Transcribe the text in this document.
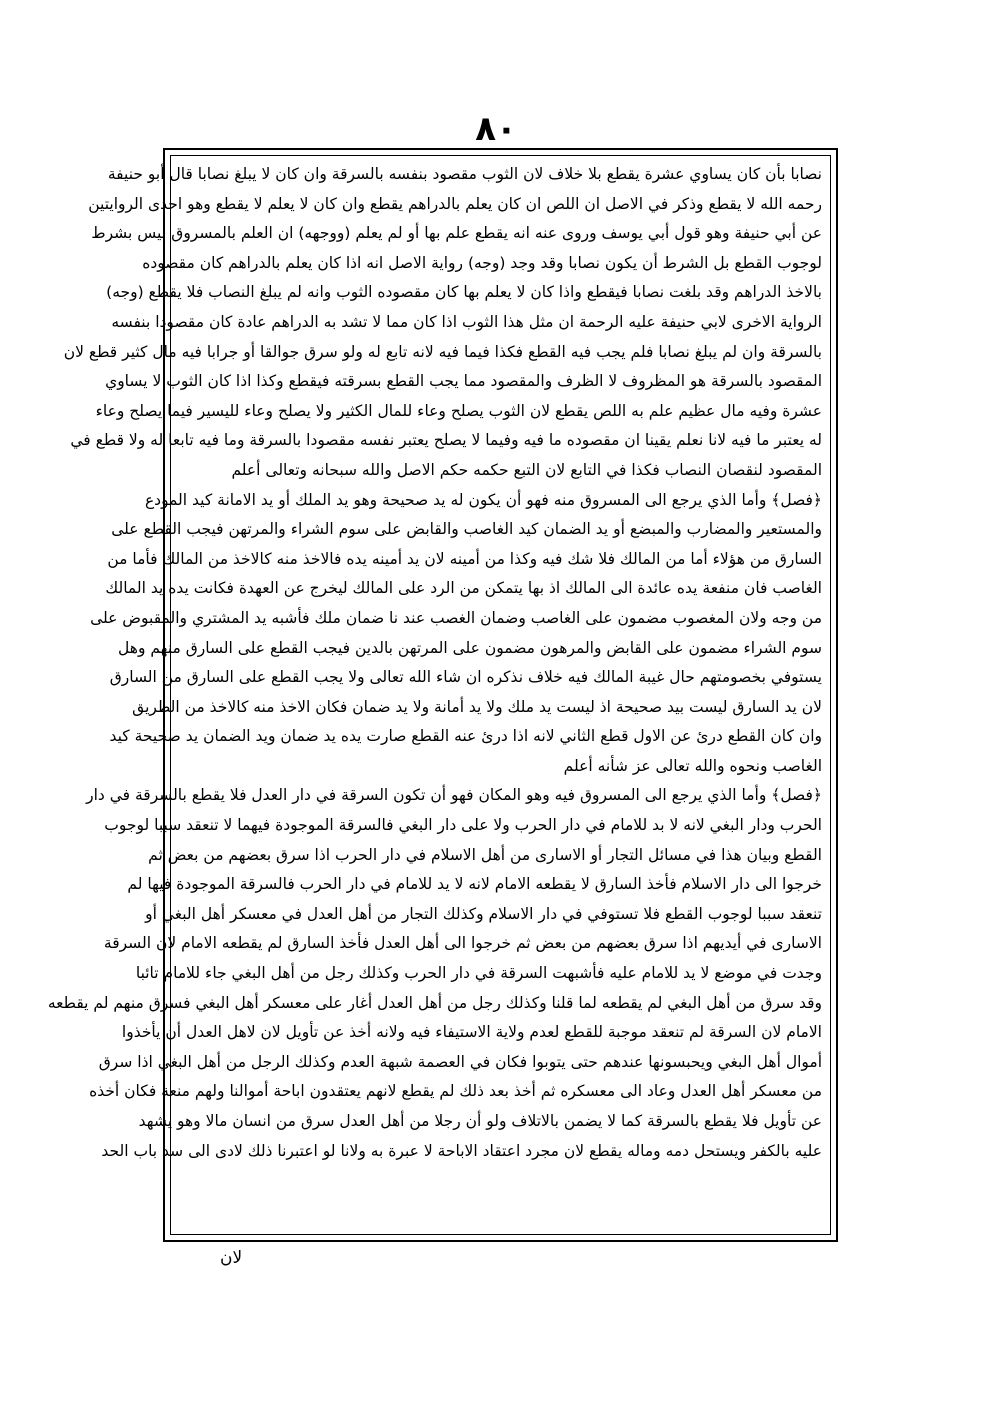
٨٠
نصابا بأن كان يساوي عشرة يقطع بلا خلاف لان الثوب مقصود بنفسه بالسرقة وان كان لا يبلغ نصابا قال أبو حنيفة
رحمه الله لا يقطع وذكر في الاصل ان اللص ان كان يعلم بالدراهم يقطع وان كان لا يعلم لا يقطع وهو احدى الروايتين
عن أبي حنيفة وهو قول أبي يوسف وروى عنه انه يقطع علم بها أو لم يعلم (ووجهه) ان العلم بالمسروق ليس بشرط
لوجوب القطع بل الشرط أن يكون نصابا وقد وجد (وجه) رواية الاصل انه اذا كان يعلم بالدراهم كان مقصوده
بالاخذ الدراهم وقد بلغت نصابا فيقطع واذا كان لا يعلم بها كان مقصوده الثوب وانه لم يبلغ النصاب فلا يقطع (وجه)
الرواية الاخرى لابي حنيفة عليه الرحمة ان مثل هذا الثوب اذا كان مما لا تشد به الدراهم عادة كان مقصودا بنفسه
بالسرقة وان لم يبلغ نصابا فلم يجب فيه القطع فكذا فيما فيه لانه تابع له ولو سرق جوالقا أو جرابا فيه مال كثير قطع لان
المقصود بالسرقة هو المظروف لا الظرف والمقصود مما يجب القطع بسرقته فيقطع وكذا اذا كان الثوب لا يساوي
عشرة وفيه مال عظيم علم به اللص يقطع لان الثوب يصلح وعاء للمال الكثير ولا يصلح وعاء لليسير فيما يصلح وعاء
له يعتبر ما فيه لانا نعلم يقينا ان مقصوده ما فيه وفيما لا يصلح يعتبر نفسه مقصودا بالسرقة وما فيه تابعا له ولا قطع في
المقصود لنقصان النصاب فكذا في التابع لان التبع حكمه حكم الاصل والله سبحانه وتعالى أعلم
﴿فصل﴾ وأما الذي يرجع الى المسروق منه فهو أن يكون له يد صحيحة وهو يد الملك أو يد الامانة كيد المودع
والمستعير والمضارب والمبضع أو يد الضمان كيد الغاصب والقابض على سوم الشراء والمرتهن فيجب القطع على
السارق من هؤلاء أما من المالك فلا شك فيه وكذا من أمينه لان يد أمينه يده فالاخذ منه كالاخذ من المالك فأما من
الغاصب فان منفعة يده عائدة الى المالك اذ بها يتمكن من الرد على المالك ليخرج عن العهدة فكانت يده يد المالك
من وجه ولان المغصوب مضمون على الغاصب وضمان الغصب عند نا ضمان ملك فأشبه يد المشتري والمقبوض على
سوم الشراء مضمون على القابض والمرهون مضمون على المرتهن بالدين فيجب القطع على السارق منهم وهل
يستوفي بخصومتهم حال غيبة المالك فيه خلاف نذكره ان شاء الله تعالى ولا يجب القطع على السارق من السارق
لان يد السارق ليست بيد صحيحة اذ ليست يد ملك ولا يد أمانة ولا يد ضمان فكان الاخذ منه كالاخذ من الطريق
وان كان القطع درئ عن الاول قطع الثاني لانه اذا درئ عنه القطع صارت يده يد ضمان ويد الضمان يد صحيحة كيد
الغاصب ونحوه والله تعالى عز شأنه أعلم
﴿فصل﴾ وأما الذي يرجع الى المسروق فيه وهو المكان فهو أن تكون السرقة في دار العدل فلا يقطع بالسرقة في دار
الحرب ودار البغي لانه لا بد للامام في دار الحرب ولا على دار البغي فالسرقة الموجودة فيهما لا تنعقد سببا لوجوب
القطع وبيان هذا في مسائل التجار أو الاسارى من أهل الاسلام في دار الحرب اذا سرق بعضهم من بعض ثم
خرجوا الى دار الاسلام فأخذ السارق لا يقطعه الامام لانه لا يد للامام في دار الحرب فالسرقة الموجودة فيها لم
تنعقد سببا لوجوب القطع فلا تستوفي في دار الاسلام وكذلك التجار من أهل العدل في معسكر أهل البغي أو
الاسارى في أيديهم اذا سرق بعضهم من بعض ثم خرجوا الى أهل العدل فأخذ السارق لم يقطعه الامام لان السرقة
وجدت في موضع لا يد للامام عليه فأشبهت السرقة في دار الحرب وكذلك رجل من أهل البغي جاء للامام تائبا
وقد سرق من أهل البغي لم يقطعه لما قلنا وكذلك رجل من أهل العدل أغار على معسكر أهل البغي فسرق منهم لم يقطعه
الامام لان السرقة لم تنعقد موجبة للقطع لعدم ولاية الاستيفاء فيه ولانه أخذ عن تأويل لان لاهل العدل أن يأخذوا
أموال أهل البغي ويحبسونها عندهم حتى يتوبوا فكان في العصمة شبهة العدم وكذلك الرجل من أهل البغي اذا سرق
من معسكر أهل العدل وعاد الى معسكره ثم أخذ بعد ذلك لم يقطع لانهم يعتقدون اباحة أموالنا ولهم منعة فكان أخذه
عن تأويل فلا يقطع بالسرقة كما لا يضمن بالاتلاف ولو أن رجلا من أهل العدل سرق من انسان مالا وهو يشهد
عليه بالكفر ويستحل دمه وماله يقطع لان مجرد اعتقاد الاباحة لا عبرة به ولانا لو اعتبرنا ذلك لادى الى سد باب الحد
لان
